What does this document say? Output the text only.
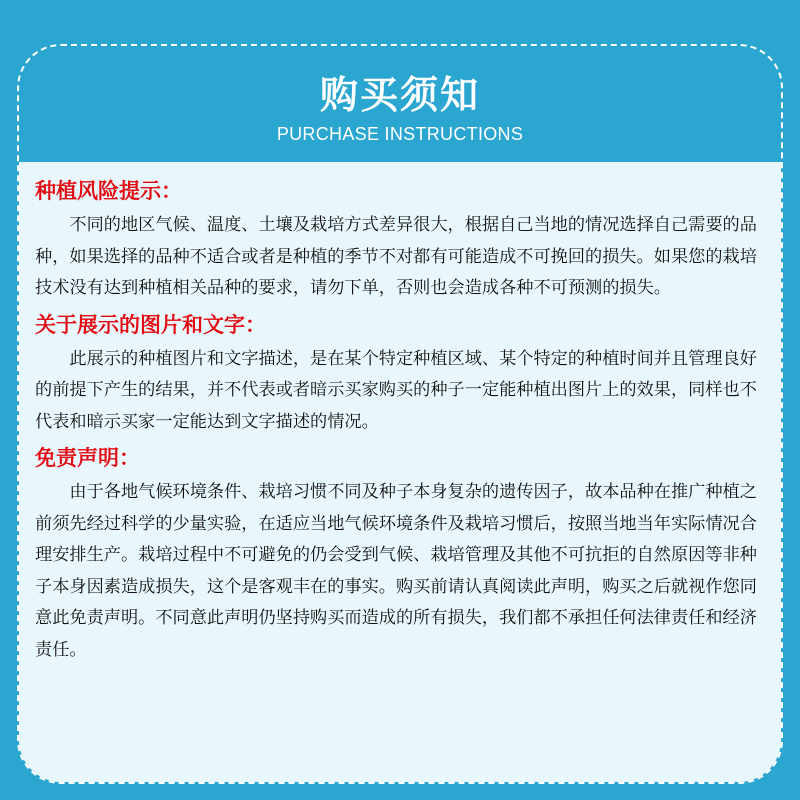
购买须知
PURCHASE INSTRUCTIONS
种植风险提示：
不同的地区气候、温度、土壤及栽培方式差异很大，根据自己当地的情况选择自己需要的品种，如果选择的品种不适合或者是种植的季节不对都有可能造成不可挽回的损失。如果您的栽培技术没有达到种植相关品种的要求，请勿下单，否则也会造成各种不可预测的损失。
关于展示的图片和文字：
此展示的种植图片和文字描述，是在某个特定种植区域、某个特定的种植时间并且管理良好的前提下产生的结果，并不代表或者暗示买家购买的种子一定能种植出图片上的效果，同样也不代表和暗示买家一定能达到文字描述的情况。
免责声明：
由于各地气候环境条件、栽培习惯不同及种子本身复杂的遗传因子，故本品种在推广种植之前须先经过科学的少量实验，在适应当地气候环境条件及栽培习惯后，按照当地当年实际情况合理安排生产。栽培过程中不可避免的仍会受到气候、栽培管理及其他不可抗拒的自然原因等非种子本身因素造成损失，这个是客观丰在的事实。购买前请认真阅读此声明，购买之后就视作您同意此免责声明。不同意此声明仍坚持购买而造成的所有损失，我们都不承担任何法律责任和经济责任。
